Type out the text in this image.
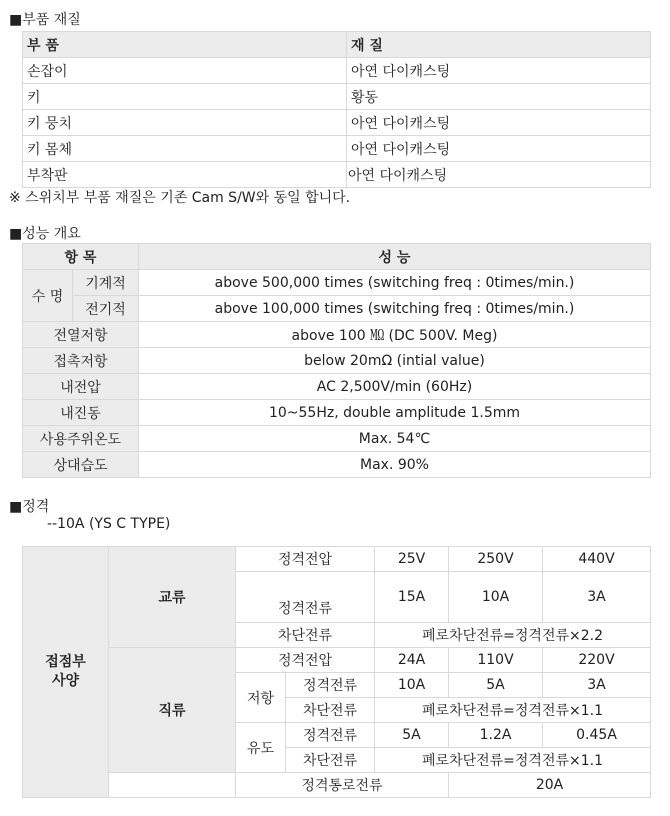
■부품 재질
부 품	재 질
손잡이	아연 다이캐스팅
키	황동
키 뭉치	아연 다이캐스팅
키 몸체	아연 다이캐스팅
부착판	아연 다이캐스팅
※ 스위치부 부품 재질은 기존 Cam S/W와 동일 합니다.
■성능 개요
항 목		성 능
수 명	기계적	above 500,000 times (switching freq : 0times/min.)
	전기적	above 100,000 times (switching freq : 0times/min.)
전열저항		above 100 ㏁ (DC 500V. Meg)
접촉저항		below 20mΩ (intial value)
내전압		AC 2,500V/min (60Hz)
내진동		10~55Hz, double amplitude 1.5mm
사용주위온도		Max. 54℃
상대습도		Max. 90%
■정격
--10A (YS C TYPE)
접점부
사양	교류	정격전압		25V	250V	440V
		정격전류		15A	10A	3A
		차단전류		폐로차단전류=정격전류×2.2		
	직류	정격전압		24A	110V	220V
		저항	정격전류	10A	5A	3A
			차단전류	폐로차단전류=정격전류×1.1		
		유도	정격전류	5A	1.2A	0.45A
			차단전류	폐로차단전류=정격전류×1.1		
		정격통로전류			20A	
